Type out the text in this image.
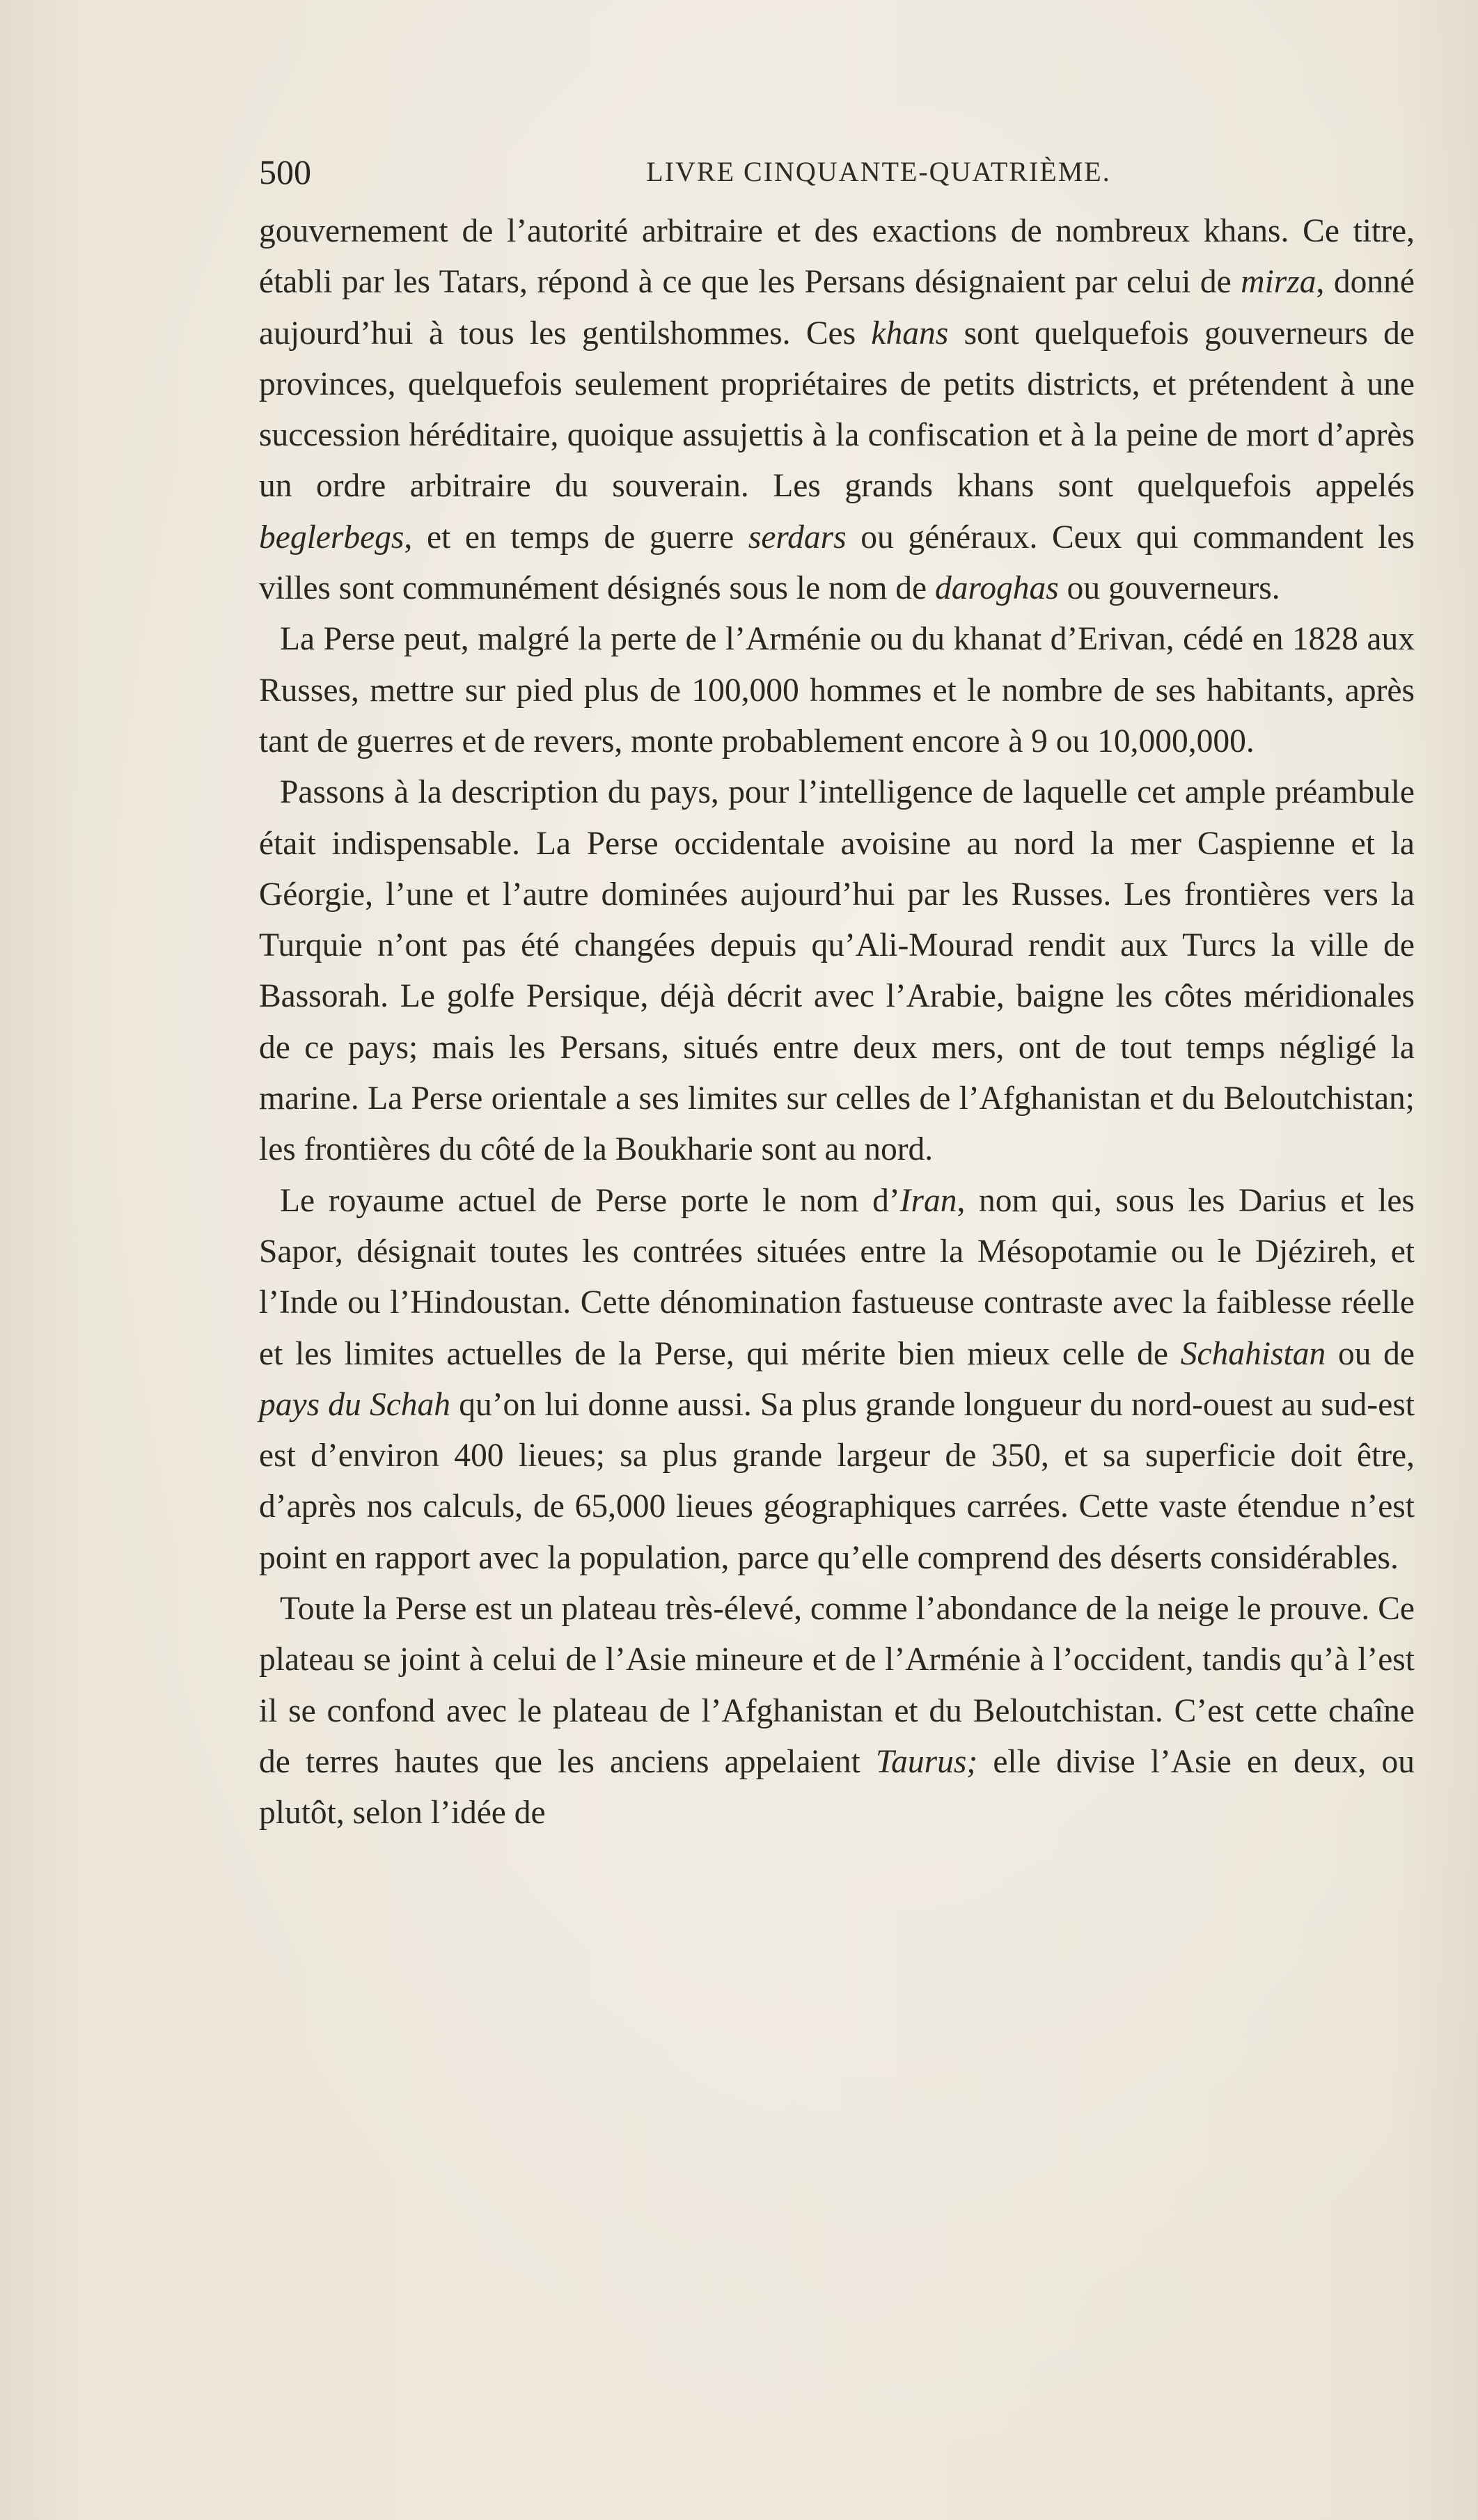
500	LIVRE CINQUANTE-QUATRIÈME.

gouvernement de l’autorité arbitraire et des exactions de nombreux khans. Ce titre, établi par les Tatars, répond à ce que les Persans désignaient par celui de mirza, donné aujourd’hui à tous les gentilshommes. Ces khans sont quelquefois gouverneurs de provinces, quelquefois seulement propriétaires de petits districts, et prétendent à une succession héréditaire, quoique assujettis à la confiscation et à la peine de mort d’après un ordre arbitraire du souverain. Les grands khans sont quelquefois appelés beglerbegs, et en temps de guerre serdars ou généraux. Ceux qui commandent les villes sont communément désignés sous le nom de daroghas ou gouverneurs.

La Perse peut, malgré la perte de l’Arménie ou du khanat d’Erivan, cédé en 1828 aux Russes, mettre sur pied plus de 100,000 hommes et le nombre de ses habitants, après tant de guerres et de revers, monte probablement encore à 9 ou 10,000,000.

Passons à la description du pays, pour l’intelligence de laquelle cet ample préambule était indispensable. La Perse occidentale avoisine au nord la mer Caspienne et la Géorgie, l’une et l’autre dominées aujourd’hui par les Russes. Les frontières vers la Turquie n’ont pas été changées depuis qu’Ali-Mourad rendit aux Turcs la ville de Bassorah. Le golfe Persique, déjà décrit avec l’Arabie, baigne les côtes méridionales de ce pays; mais les Persans, situés entre deux mers, ont de tout temps négligé la marine. La Perse orientale a ses limites sur celles de l’Afghanistan et du Beloutchistan; les frontières du côté de la Boukharie sont au nord.

Le royaume actuel de Perse porte le nom d’Iran, nom qui, sous les Darius et les Sapor, désignait toutes les contrées situées entre la Mésopotamie ou le Djézireh, et l’Inde ou l’Hindoustan. Cette dénomination fastueuse contraste avec la faiblesse réelle et les limites actuelles de la Perse, qui mérite bien mieux celle de Schahistan ou de pays du Schah qu’on lui donne aussi. Sa plus grande longueur du nord-ouest au sud-est est d’environ 400 lieues; sa plus grande largeur de 350, et sa superficie doit être, d’après nos calculs, de 65,000 lieues géographiques carrées. Cette vaste étendue n’est point en rapport avec la population, parce qu’elle comprend des déserts considérables.

Toute la Perse est un plateau très-élevé, comme l’abondance de la neige le prouve. Ce plateau se joint à celui de l’Asie mineure et de l’Arménie à l’occident, tandis qu’à l’est il se confond avec le plateau de l’Afghanistan et du Beloutchistan. C’est cette chaîne de terres hautes que les anciens appelaient Taurus; elle divise l’Asie en deux, ou plutôt, selon l’idée de
